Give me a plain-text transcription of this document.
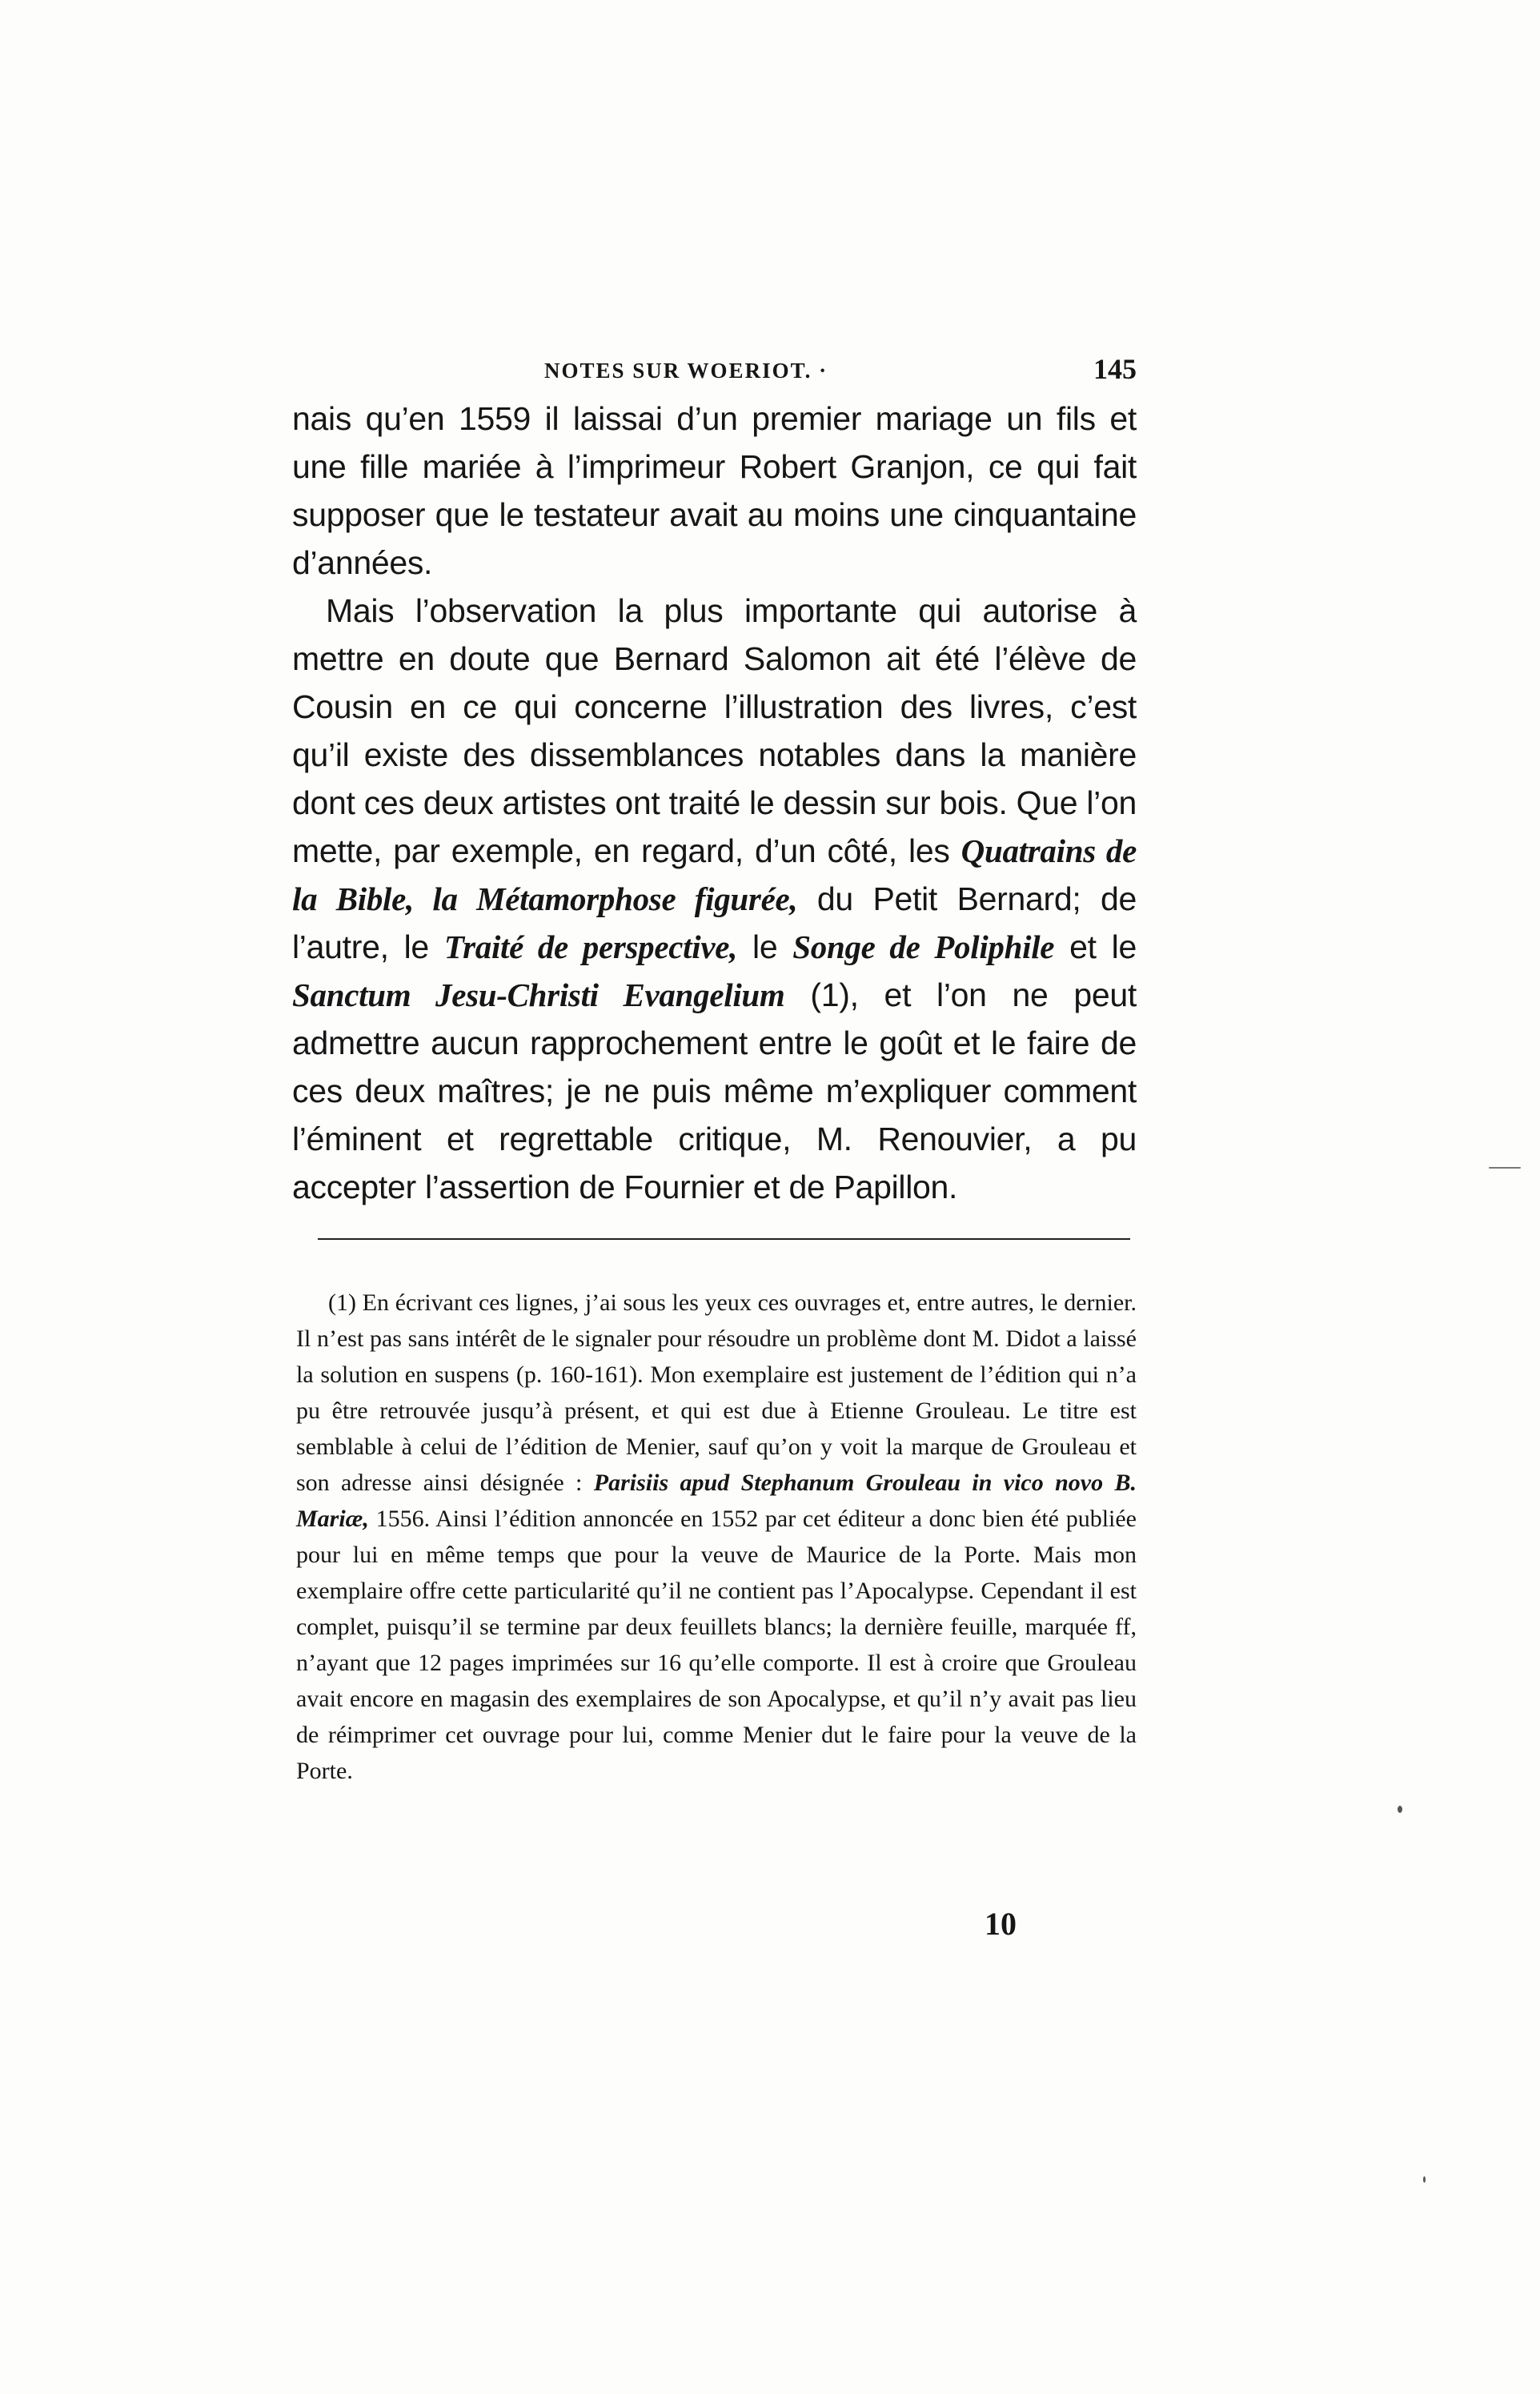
NOTES SUR WOERIOT. ·	145

nais qu’en 1559 il laissai d’un premier mariage un fils et une fille mariée à l’imprimeur Robert Granjon, ce qui fait supposer que le testateur avait au moins une cinquantaine d’années.

Mais l’observation la plus importante qui autorise à mettre en doute que Bernard Salomon ait été l’élève de Cousin en ce qui concerne l’illustration des livres, c’est qu’il existe des dissemblances notables dans la manière dont ces deux artistes ont traité le dessin sur bois. Que l’on mette, par exemple, en regard, d’un côté, les Quatrains de la Bible, la Métamorphose figurée, du Petit Bernard; de l’autre, le Traité de perspective, le Songe de Poliphile et le Sanctum Jesu-Christi Evangelium (1), et l’on ne peut admettre aucun rapprochement entre le goût et le faire de ces deux maîtres; je ne puis même m’expliquer comment l’éminent et regrettable critique, M. Renouvier, a pu accepter l’assertion de Fournier et de Papillon.

(1) En écrivant ces lignes, j’ai sous les yeux ces ouvrages et, entre autres, le dernier. Il n’est pas sans intérêt de le signaler pour résoudre un problème dont M. Didot a laissé la solution en suspens (p. 160-161). Mon exemplaire est justement de l’édition qui n’a pu être retrouvée jusqu’à présent, et qui est due à Etienne Grouleau. Le titre est semblable à celui de l’édition de Menier, sauf qu’on y voit la marque de Grouleau et son adresse ainsi désignée : Parisiis apud Stephanum Grouleau in vico novo B. Mariæ, 1556. Ainsi l’édition annoncée en 1552 par cet éditeur a donc bien été publiée pour lui en même temps que pour la veuve de Maurice de la Porte. Mais mon exemplaire offre cette particularité qu’il ne contient pas l’Apocalypse. Cependant il est complet, puisqu’il se termine par deux feuillets blancs; la dernière feuille, marquée ff, n’ayant que 12 pages imprimées sur 16 qu’elle comporte. Il est à croire que Grouleau avait encore en magasin des exemplaires de son Apocalypse, et qu’il n’y avait pas lieu de réimprimer cet ouvrage pour lui, comme Menier dut le faire pour la veuve de la Porte.

10
